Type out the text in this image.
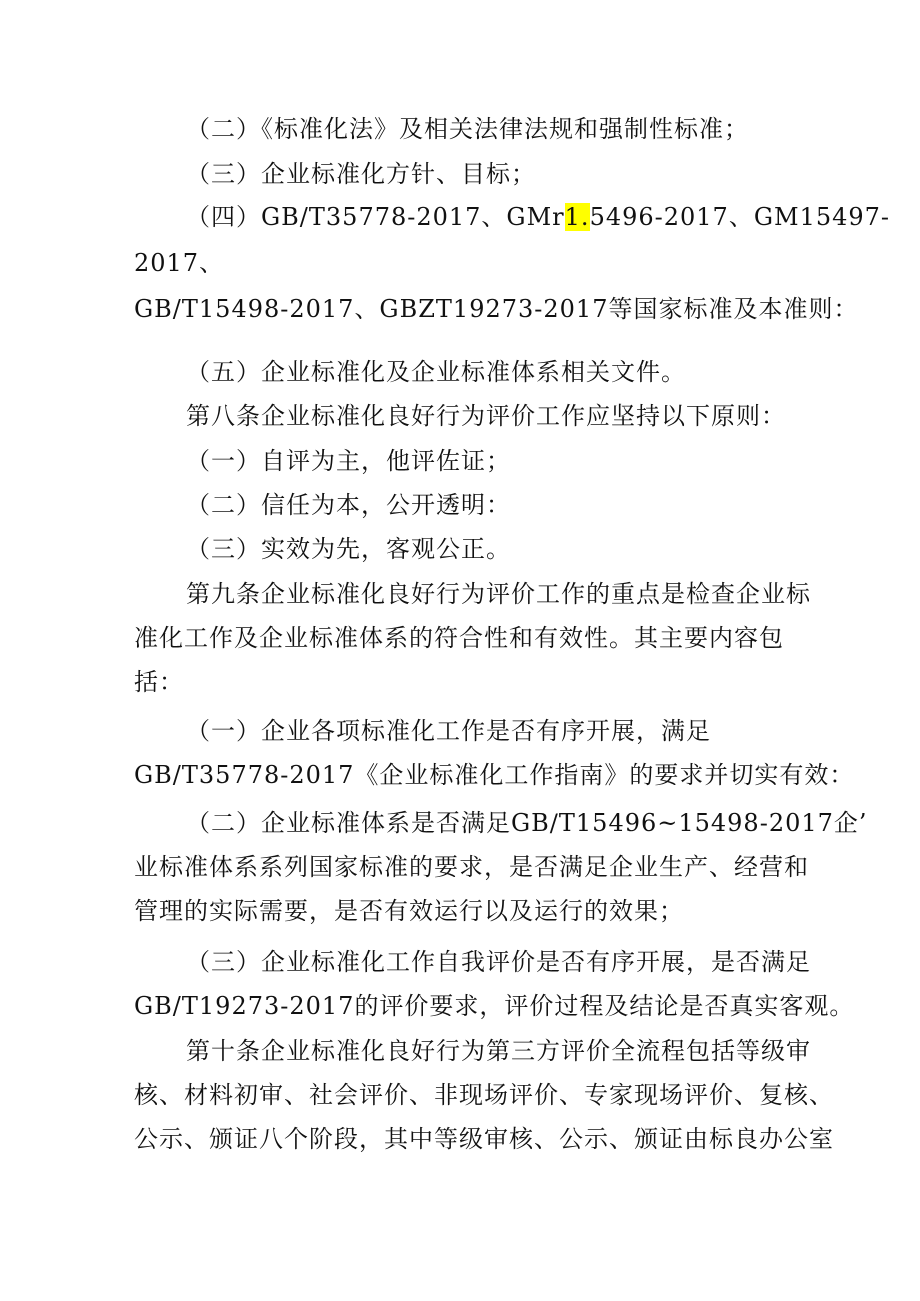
（二）《标准化法》及相关法律法规和强制性标准；
（三）企业标准化方针、目标；
（四）GB/T35778-2017、GMr1.5496-2017、GM15497-
2017、
GB/T15498-2017、GBZT19273-2017等国家标准及本准则：
（五）企业标准化及企业标准体系相关文件。
第八条企业标准化良好行为评价工作应坚持以下原则：
（一）自评为主，他评佐证；
（二）信任为本，公开透明：
（三）实效为先，客观公正。
第九条企业标准化良好行为评价工作的重点是检查企业标
准化工作及企业标准体系的符合性和有效性。其主要内容包
括：
（一）企业各项标准化工作是否有序开展，满足
GB/T35778-2017《企业标准化工作指南》的要求并切实有效：
（二）企业标准体系是否满足GB∕T15496~15498-2017企’
业标准体系系列国家标准的要求，是否满足企业生产、经营和
管理的实际需要，是否有效运行以及运行的效果；
（三）企业标准化工作自我评价是否有序开展，是否满足
GB/T19273-2017的评价要求，评价过程及结论是否真实客观。
第十条企业标准化良好行为第三方评价全流程包括等级审
核、材料初审、社会评价、非现场评价、专家现场评价、复核、
公示、颁证八个阶段，其中等级审核、公示、颁证由标良办公室
